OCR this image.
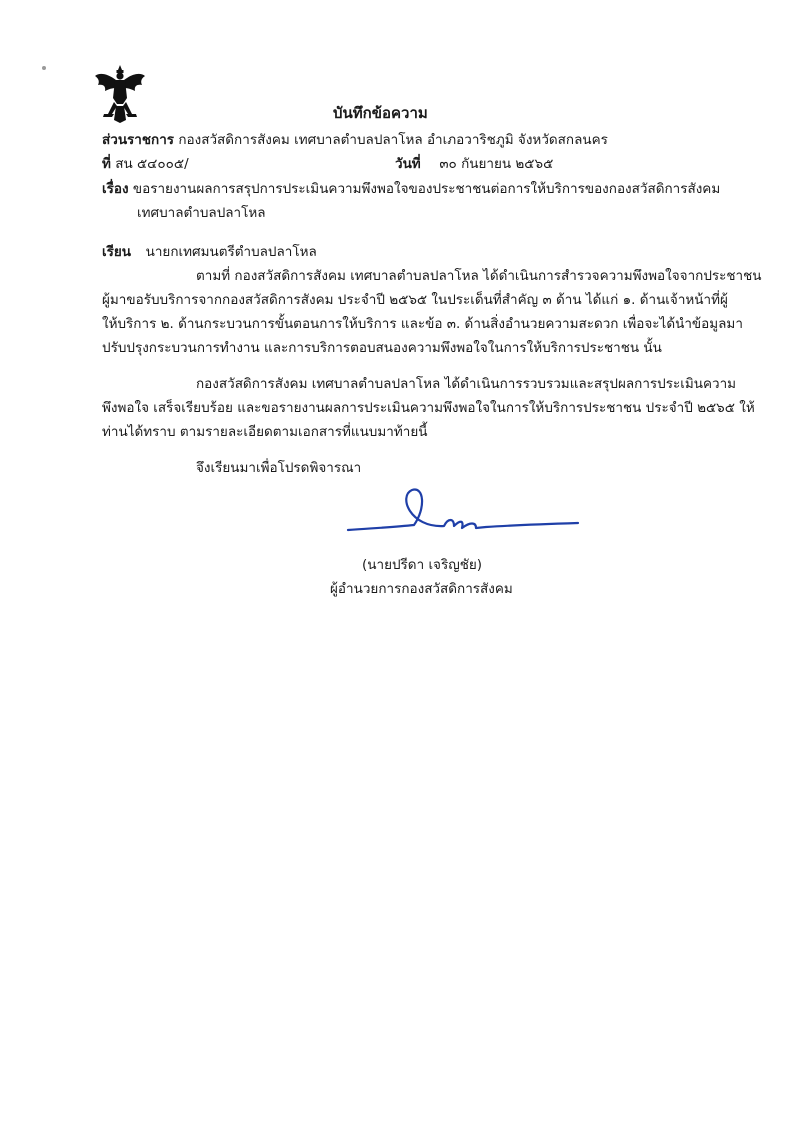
บันทึกข้อความ
ส่วนราชการ กองสวัสดิการสังคม เทศบาลตำบลปลาโหล อำเภอวาริชภูมิ จังหวัดสกลนคร
ที่ สน ๕๔๐๐๕/	วันที่ ๓๐ กันยายน ๒๕๖๕
เรื่อง ขอรายงานผลการสรุปการประเมินความพึงพอใจของประชาชนต่อการให้บริการของกองสวัสดิการสังคม
เทศบาลตำบลปลาโหล
เรียน นายกเทศมนตรีตำบลปลาโหล
ตามที่ กองสวัสดิการสังคม เทศบาลตำบลปลาโหล ได้ดำเนินการสำรวจความพึงพอใจจากประชาชน
ผู้มาขอรับบริการจากกองสวัสดิการสังคม ประจำปี ๒๕๖๕ ในประเด็นที่สำคัญ ๓ ด้าน ได้แก่ ๑. ด้านเจ้าหน้าที่ผู้
ให้บริการ ๒. ด้านกระบวนการขั้นตอนการให้บริการ และข้อ ๓. ด้านสิ่งอำนวยความสะดวก เพื่อจะได้นำข้อมูลมา
ปรับปรุงกระบวนการทำงาน และการบริการตอบสนองความพึงพอใจในการให้บริการประชาชน นั้น
กองสวัสดิการสังคม เทศบาลตำบลปลาโหล ได้ดำเนินการรวบรวมและสรุปผลการประเมินความ
พึงพอใจ เสร็จเรียบร้อย และขอรายงานผลการประเมินความพึงพอใจในการให้บริการประชาชน ประจำปี ๒๕๖๕ ให้
ท่านได้ทราบ ตามรายละเอียดตามเอกสารที่แนบมาท้ายนี้
จึงเรียนมาเพื่อโปรดพิจารณา
(นายปรีดา เจริญชัย)
ผู้อำนวยการกองสวัสดิการสังคม
